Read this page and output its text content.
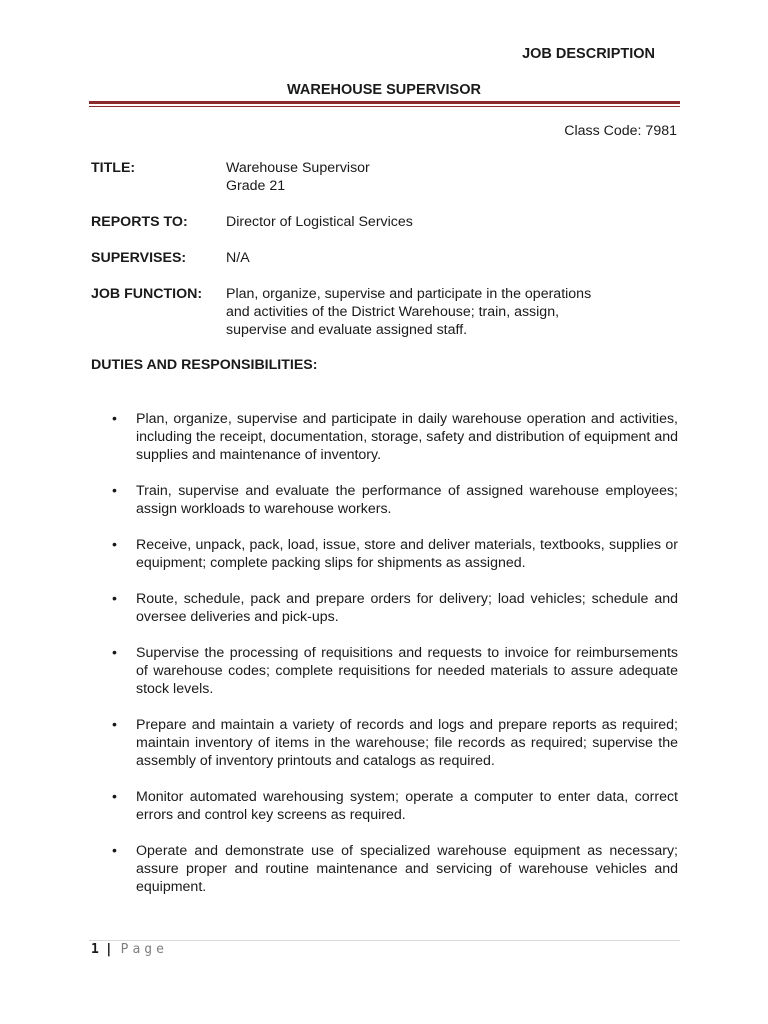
JOB DESCRIPTION
WAREHOUSE SUPERVISOR
Class Code: 7981
TITLE:	Warehouse Supervisor
Grade 21
REPORTS TO:	Director of Logistical Services
SUPERVISES:	N/A
JOB FUNCTION:	Plan, organize, supervise and participate in the operations
and activities of the District Warehouse; train, assign,
supervise and evaluate assigned staff.
DUTIES AND RESPONSIBILITIES:
• Plan, organize, supervise and participate in daily warehouse operation and activities, including the receipt, documentation, storage, safety and distribution of equipment and supplies and maintenance of inventory.
• Train, supervise and evaluate the performance of assigned warehouse employees; assign workloads to warehouse workers.
• Receive, unpack, pack, load, issue, store and deliver materials, textbooks, supplies or equipment; complete packing slips for shipments as assigned.
• Route, schedule, pack and prepare orders for delivery; load vehicles; schedule and oversee deliveries and pick-ups.
• Supervise the processing of requisitions and requests to invoice for reimbursements of warehouse codes; complete requisitions for needed materials to assure adequate stock levels.
• Prepare and maintain a variety of records and logs and prepare reports as required; maintain inventory of items in the warehouse; file records as required; supervise the assembly of inventory printouts and catalogs as required.
• Monitor automated warehousing system; operate a computer to enter data, correct errors and control key screens as required.
• Operate and demonstrate use of specialized warehouse equipment as necessary; assure proper and routine maintenance and servicing of warehouse vehicles and equipment.
1 | Page
